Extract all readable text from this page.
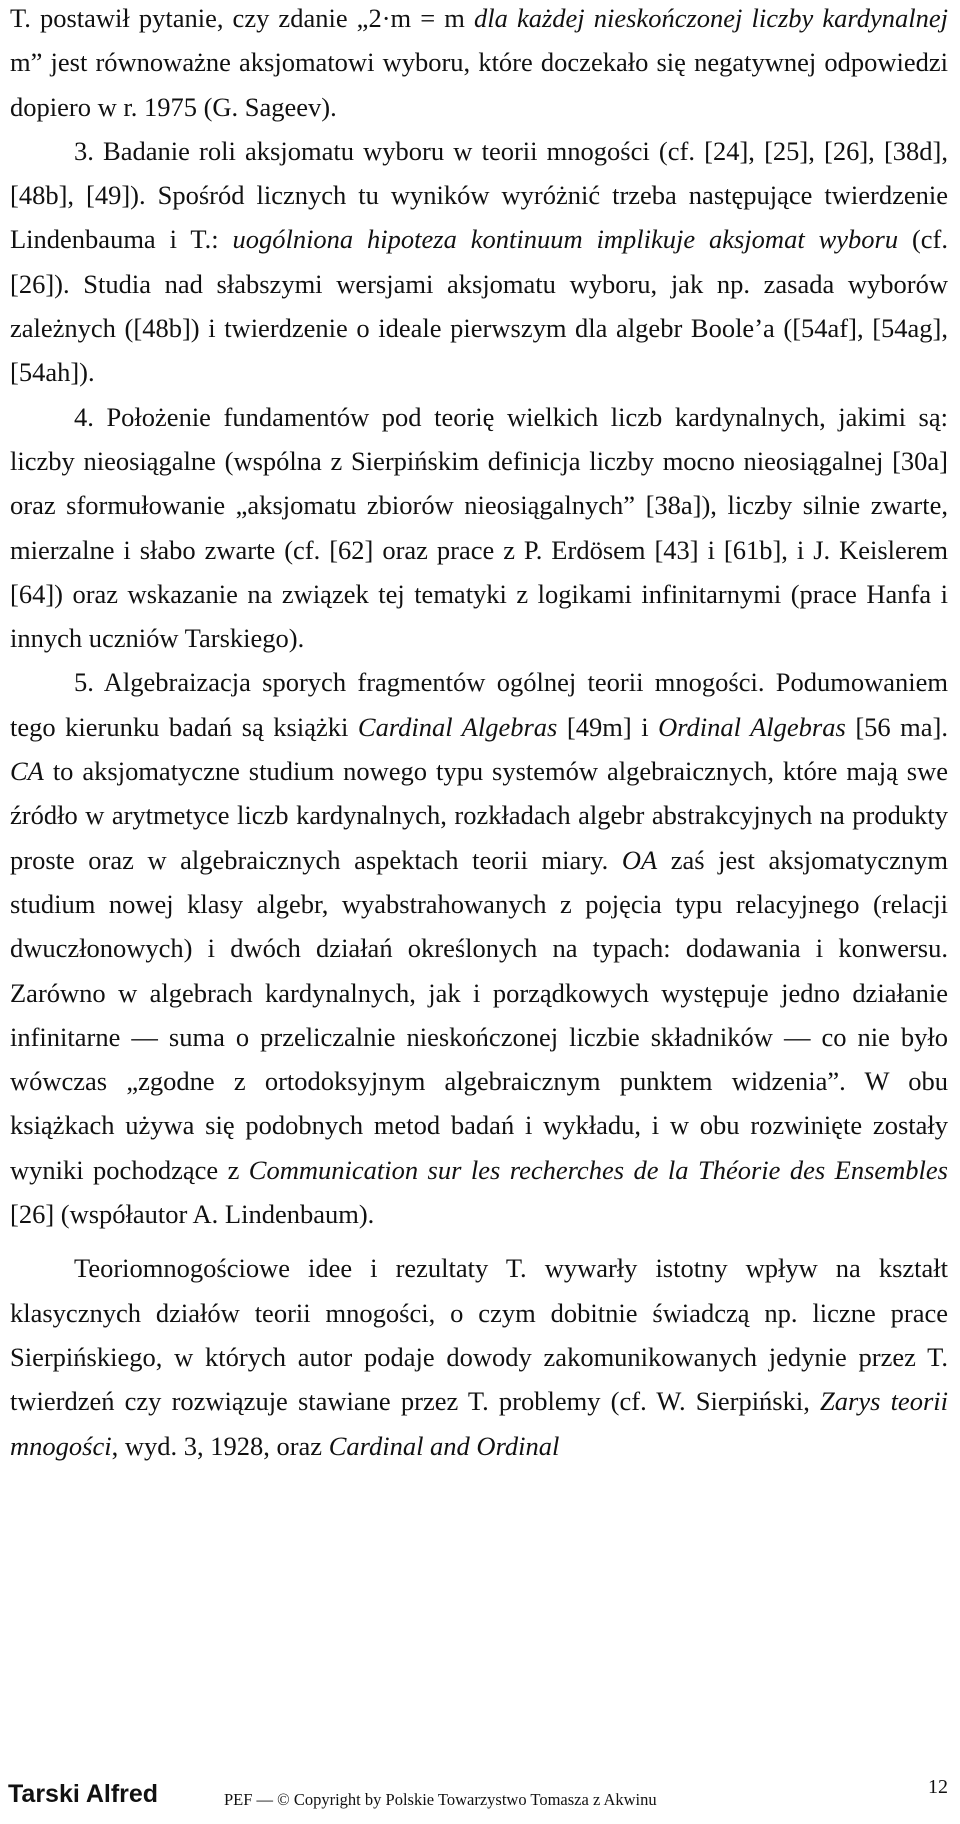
T. postawił pytanie, czy zdanie „2·m = m dla każdej nieskończonej liczby kardynalnej m” jest równoważne aksjomatowi wyboru, które doczekało się negatywnej odpowiedzi dopiero w r. 1975 (G. Sageev).

3. Badanie roli aksjomatu wyboru w teorii mnogości (cf. [24], [25], [26], [38d], [48b], [49]). Spośród licznych tu wyników wyróżnić trzeba następujące twierdzenie Lindenbauma i T.: uogólniona hipoteza kontinuum implikuje aksjomat wyboru (cf. [26]). Studia nad słabszymi wersjami aksjomatu wyboru, jak np. zasada wyborów zależnych ([48b]) i twierdzenie o ideale pierwszym dla algebr Boole’a ([54af], [54ag],[54ah]).

4. Położenie fundamentów pod teorię wielkich liczb kardynalnych, jakimi są: liczby nieosiągalne (wspólna z Sierpińskim definicja liczby mocno nieosiągalnej [30a] oraz sformułowanie „aksjomatu zbiorów nieosiągalnych” [38a]), liczby silnie zwarte, mierzalne i słabo zwarte (cf. [62] oraz prace z P. Erdösem [43] i [61b], i J. Keislerem [64]) oraz wskazanie na związek tej tematyki z logikami infinitarnymi (prace Hanfa i innych uczniów Tarskiego).

5. Algebraizacja sporych fragmentów ogólnej teorii mnogości. Podumowaniem tego kierunku badań są książki Cardinal Algebras [49m] i Ordinal Algebras [56 ma]. CA to aksjomatyczne studium nowego typu systemów algebraicznych, które mają swe źródło w arytmetyce liczb kardynalnych, rozkładach algebr abstrakcyjnych na produkty proste oraz w algebraicznych aspektach teorii miary. OA zaś jest aksjomatycznym studium nowej klasy algebr, wyabstrahowanych z pojęcia typu relacyjnego (relacji dwuczłonowych) i dwóch działań określonych na typach: dodawania i konwersu. Zarówno w algebrach kardynalnych, jak i porządkowych występuje jedno działanie infinitarne — suma o przeliczalnie nieskończonej liczbie składników — co nie było wówczas „zgodne z ortodoksyjnym algebraicznym punktem widzenia”. W obu książkach używa się podobnych metod badań i wykładu, i w obu rozwinięte zostały wyniki pochodzące z Communication sur les recherches de la Théorie des Ensembles [26] (współautor A. Lindenbaum).

Teoriomnogościowe idee i rezultaty T. wywarły istotny wpływ na kształt klasycznych działów teorii mnogości, o czym dobitnie świadczą np. liczne prace Sierpińskiego, w których autor podaje dowody zakomunikowanych jedynie przez T. twierdzeń czy rozwiązuje stawiane przez T. problemy (cf. W. Sierpiński, Zarys teorii mnogości, wyd. 3, 1928, oraz Cardinal and Ordinal

Tarski Alfred	PEF — © Copyright by Polskie Towarzystwo Tomasza z Akwinu
12
